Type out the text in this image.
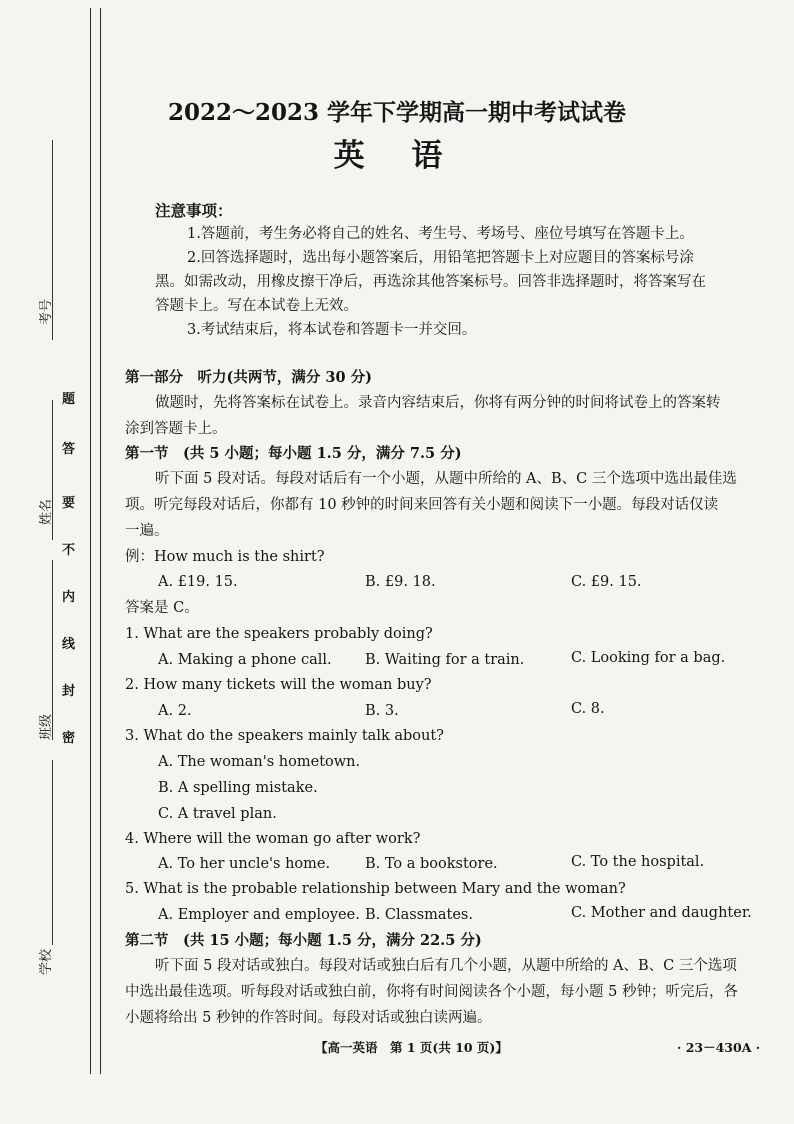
考号
姓名
班级
学校
密
封
线
内
不
要
答
题
2022～2023 学年下学期高一期中考试试卷
英 语
注意事项：
1.答题前，考生务必将自己的姓名、考生号、考场号、座位号填写在答题卡上。
2.回答选择题时，选出每小题答案后，用铅笔把答题卡上对应题目的答案标号涂
黑。如需改动，用橡皮擦干净后，再选涂其他答案标号。回答非选择题时，将答案写在
答题卡上。写在本试卷上无效。
3.考试结束后，将本试卷和答题卡一并交回。
第一部分　听力(共两节，满分 30 分)
做题时，先将答案标在试卷上。录音内容结束后，你将有两分钟的时间将试卷上的答案转
涂到答题卡上。
第一节　(共 5 小题；每小题 1.5 分，满分 7.5 分)
听下面 5 段对话。每段对话后有一个小题，从题中所给的 A、B、C 三个选项中选出最佳选
项。听完每段对话后，你都有 10 秒钟的时间来回答有关小题和阅读下一小题。每段对话仅读
一遍。
例：How much is the shirt?
A. £19. 15.	B. £9. 18.	C. £9. 15.
答案是 C。
1. What are the speakers probably doing?
A. Making a phone call. B. Waiting for a train.	C. Looking for a bag.
2. How many tickets will the woman buy?
A. 2.	B. 3.	C. 8.
3. What do the speakers mainly talk about?
A. The woman's hometown.
B. A spelling mistake.
C. A travel plan.
4. Where will the woman go after work?
A. To her uncle's home. B. To a bookstore.	C. To the hospital.
5. What is the probable relationship between Mary and the woman?
A. Employer and employee. B. Classmates.	C. Mother and daughter.
第二节　(共 15 小题；每小题 1.5 分，满分 22.5 分)
听下面 5 段对话或独白。每段对话或独白后有几个小题，从题中所给的 A、B、C 三个选项
中选出最佳选项。听每段对话或独白前，你将有时间阅读各个小题，每小题 5 秒钟；听完后，各
小题将给出 5 秒钟的作答时间。每段对话或独白读两遍。
【高一英语　第 1 页(共 10 页)】	· 23－430A ·
